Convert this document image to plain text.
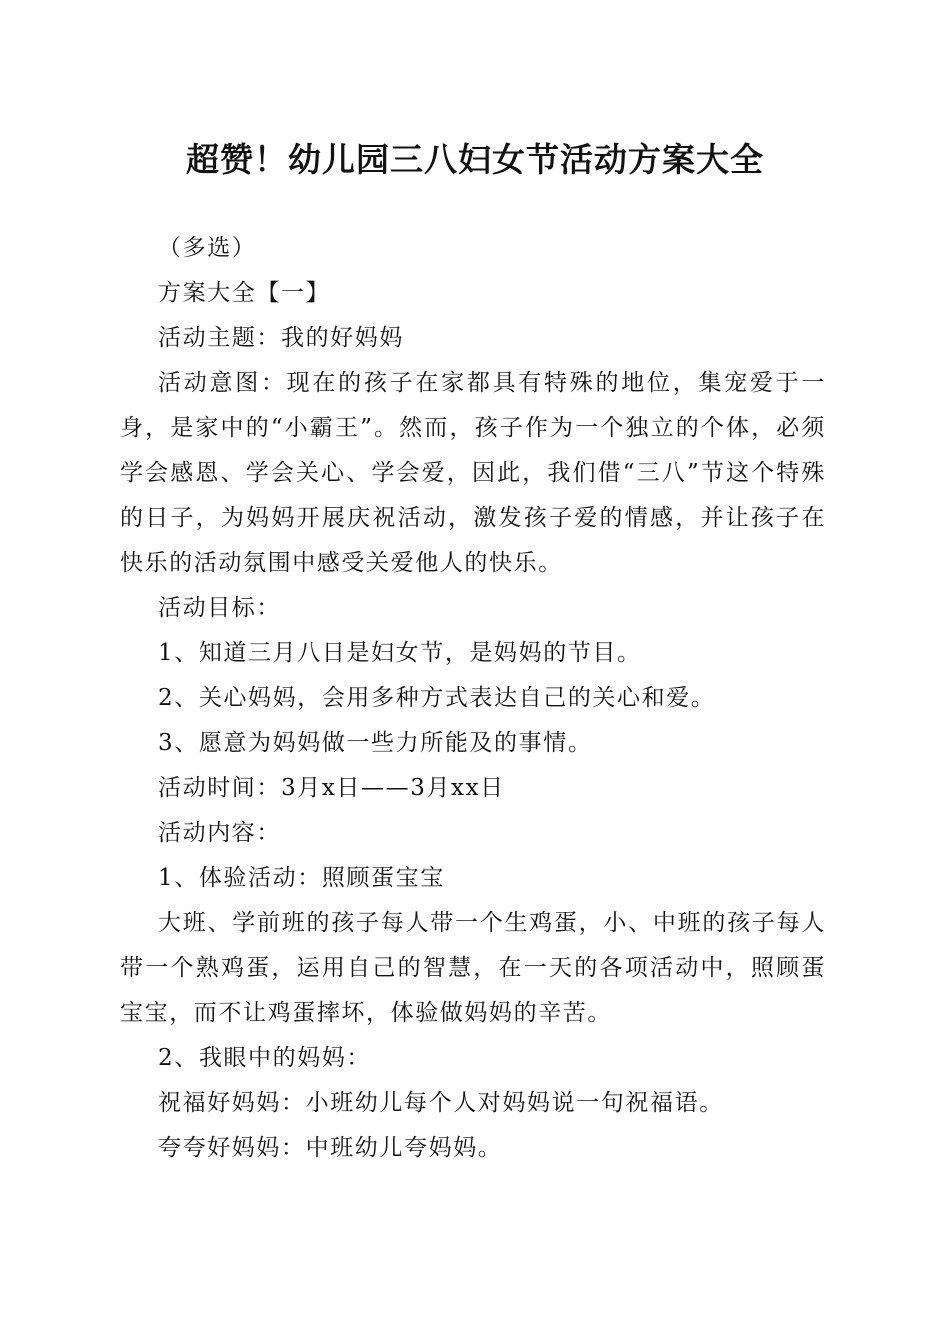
超赞！幼儿园三八妇女节活动方案大全

（多选）

方案大全【一】

活动主题：我的好妈妈

活动意图：现在的孩子在家都具有特殊的地位，集宠爱于一身，是家中的“小霸王”。然而，孩子作为一个独立的个体，必须学会感恩、学会关心、学会爱，因此，我们借“三八”节这个特殊的日子，为妈妈开展庆祝活动，激发孩子爱的情感，并让孩子在快乐的活动氛围中感受关爱他人的快乐。

活动目标：

1、知道三月八日是妇女节，是妈妈的节目。

2、关心妈妈，会用多种方式表达自己的关心和爱。

3、愿意为妈妈做一些力所能及的事情。

活动时间：3月x日——3月xx日

活动内容：

1、体验活动：照顾蛋宝宝

大班、学前班的孩子每人带一个生鸡蛋，小、中班的孩子每人带一个熟鸡蛋，运用自己的智慧，在一天的各项活动中，照顾蛋宝宝，而不让鸡蛋摔坏，体验做妈妈的辛苦。

2、我眼中的妈妈：

祝福好妈妈：小班幼儿每个人对妈妈说一句祝福语。

夸夸好妈妈：中班幼儿夸妈妈。
